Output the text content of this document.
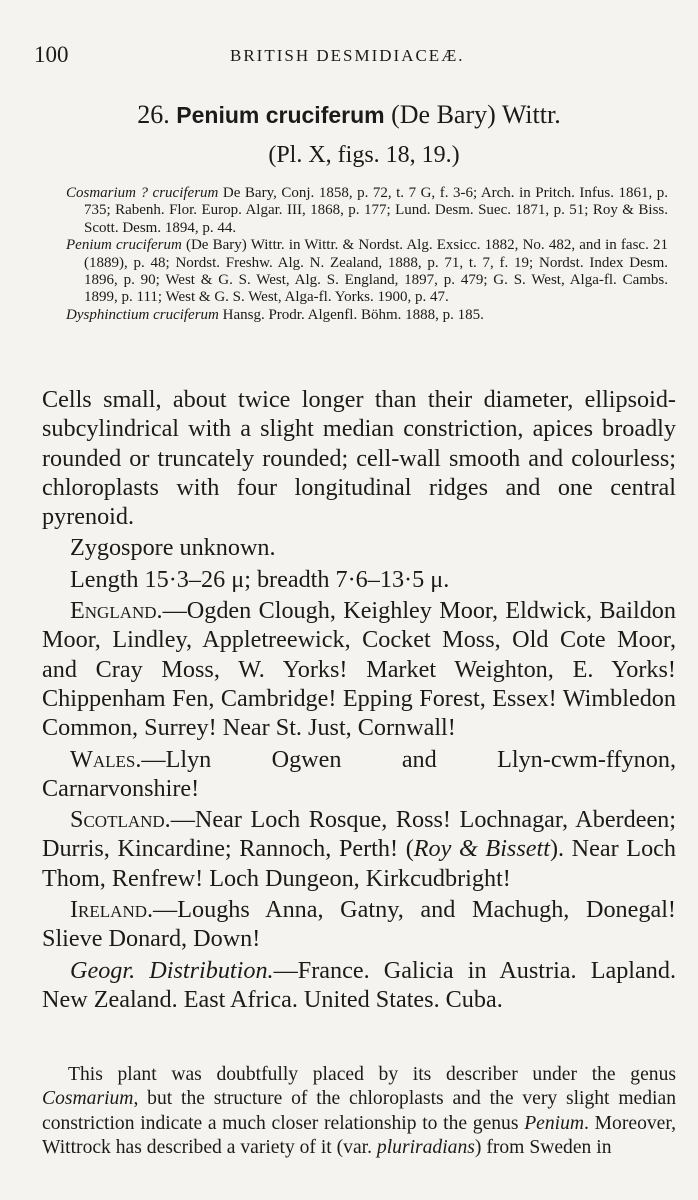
100	BRITISH DESMIDIACEÆ.
26. Penium cruciferum (De Bary) Wittr.
(Pl. X, figs. 18, 19.)

Cosmarium ? cruciferum De Bary, Conj. 1858, p. 72, t. 7 G, f. 3-6; Arch. in Pritch. Infus. 1861, p. 735; Rabenh. Flor. Europ. Algar. III, 1868, p. 177; Lund. Desm. Suec. 1871, p. 51; Roy & Biss. Scott. Desm. 1894, p. 44.

Penium cruciferum (De Bary) Wittr. in Wittr. & Nordst. Alg. Exsicc. 1882, No. 482, and in fasc. 21 (1889), p. 48; Nordst. Freshw. Alg. N. Zealand, 1888, p. 71, t. 7, f. 19; Nordst. Index Desm. 1896, p. 90; West & G. S. West, Alg. S. England, 1897, p. 479; G. S. West, Alga-fl. Cambs. 1899, p. 111; West & G. S. West, Alga-fl. Yorks. 1900, p. 47.

Dysphinctium cruciferum Hansg. Prodr. Algenfl. Böhm. 1888, p. 185.

Cells small, about twice longer than their diameter, ellipsoid-subcylindrical with a slight median constriction, apices broadly rounded or truncately rounded; cell-wall smooth and colourless; chloroplasts with four longitudinal ridges and one central pyrenoid.

Zygospore unknown.

Length 15·3–26 μ; breadth 7·6–13·5 μ.

England.—Ogden Clough, Keighley Moor, Eldwick, Baildon Moor, Lindley, Appletreewick, Cocket Moss, Old Cote Moor, and Cray Moss, W. Yorks! Market Weighton, E. Yorks! Chippenham Fen, Cambridge! Epping Forest, Essex! Wimbledon Common, Surrey! Near St. Just, Cornwall!

Wales.—Llyn Ogwen and Llyn-cwm-ffynon, Carnarvonshire!

Scotland.—Near Loch Rosque, Ross! Lochnagar, Aberdeen; Durris, Kincardine; Rannoch, Perth! (Roy & Bissett). Near Loch Thom, Renfrew! Loch Dungeon, Kirkcudbright!

Ireland.—Loughs Anna, Gatny, and Machugh, Donegal! Slieve Donard, Down!

Geogr. Distribution.—France. Galicia in Austria. Lapland. New Zealand. East Africa. United States. Cuba.

This plant was doubtfully placed by its describer under the genus Cosmarium, but the structure of the chloroplasts and the very slight median constriction indicate a much closer relationship to the genus Penium. Moreover, Wittrock has described a variety of it (var. pluriradians) from Sweden in
